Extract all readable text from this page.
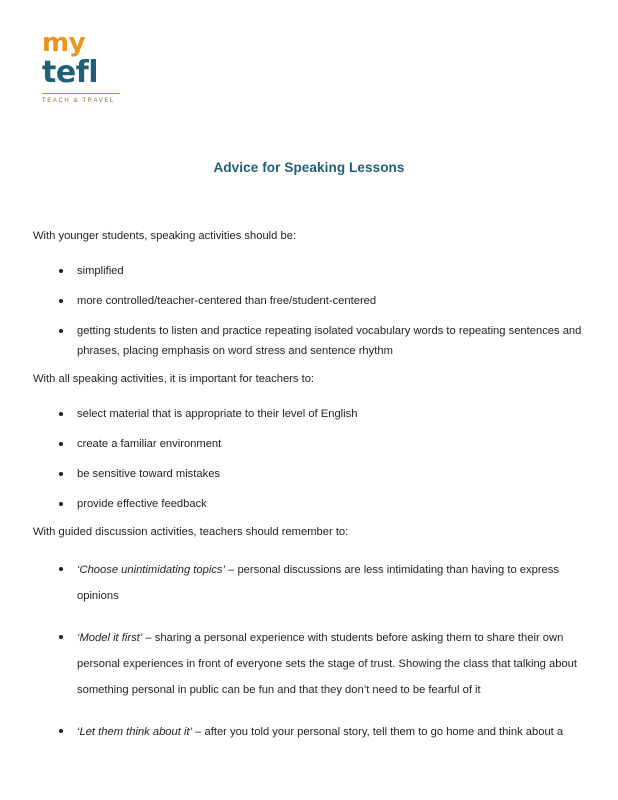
my
tefl
TEACH & TRAVEL
Advice for Speaking Lessons

With younger students, speaking activities should be:

simplified
more controlled/teacher-centered than free/student-centered
getting students to listen and practice repeating isolated vocabulary words to repeating sentences and phrases, placing emphasis on word stress and sentence rhythm

With all speaking activities, it is important for teachers to:

select material that is appropriate to their level of English
create a familiar environment
be sensitive toward mistakes
provide effective feedback

With guided discussion activities, teachers should remember to:

‘Choose unintimidating topics’ – personal discussions are less intimidating than having to express opinions
‘Model it first’ – sharing a personal experience with students before asking them to share their own personal experiences in front of everyone sets the stage of trust. Showing the class that talking about something personal in public can be fun and that they don’t need to be fearful of it
‘Let them think about it’ – after you told your personal story, tell them to go home and think about a
